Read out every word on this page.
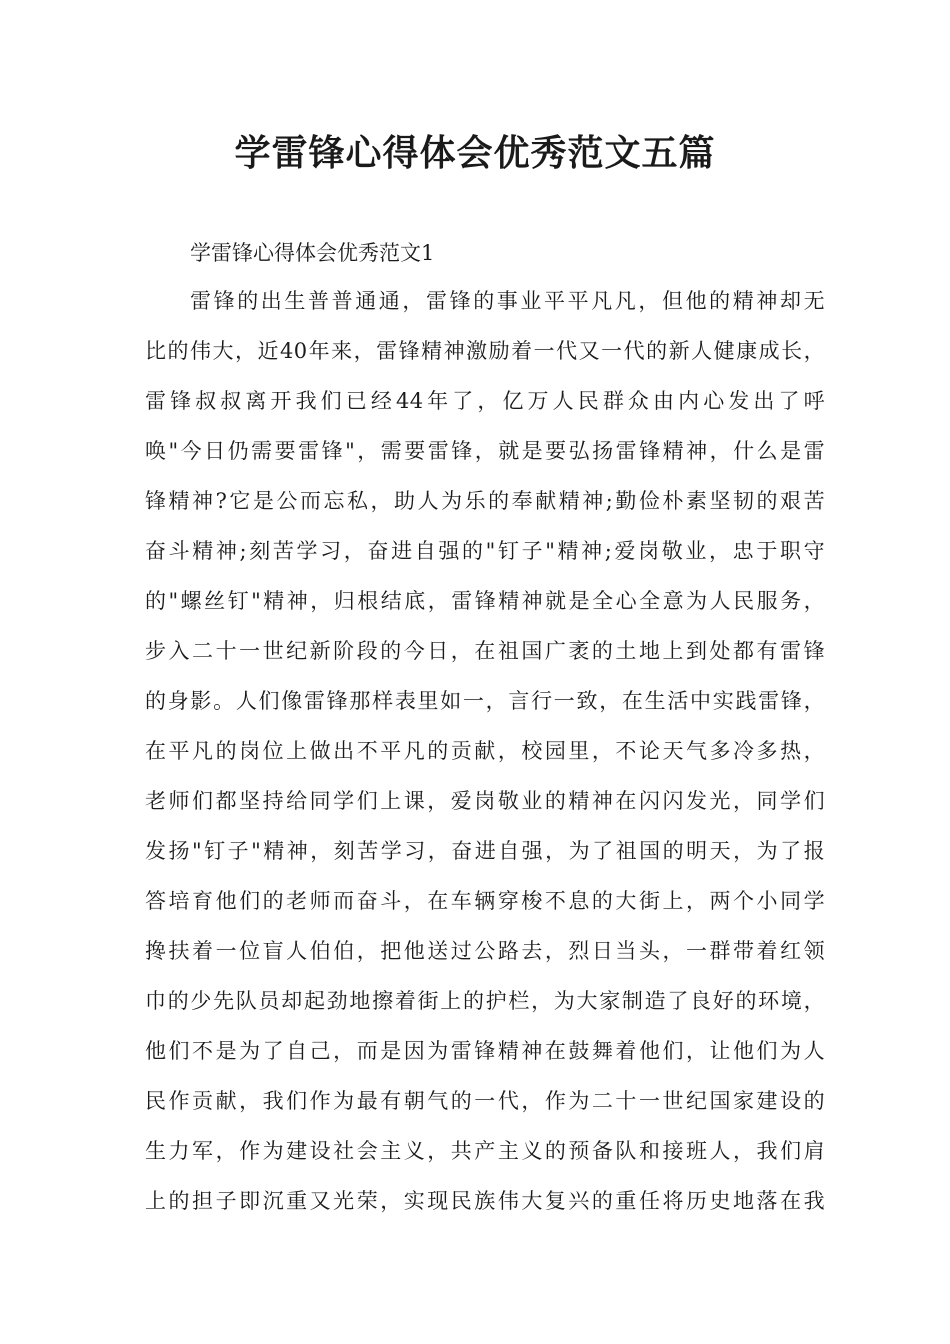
学雷锋心得体会优秀范文五篇

学雷锋心得体会优秀范文1

雷锋的出生普普通通，雷锋的事业平平凡凡，但他的精神却无
比的伟大，近40年来，雷锋精神激励着一代又一代的新人健康成长，
雷锋叔叔离开我们已经44年了，亿万人民群众由内心发出了呼
唤"今日仍需要雷锋"，需要雷锋，就是要弘扬雷锋精神，什么是雷
锋精神?它是公而忘私，助人为乐的奉献精神;勤俭朴素坚韧的艰苦
奋斗精神;刻苦学习，奋进自强的"钉子"精神;爱岗敬业，忠于职守
的"螺丝钉"精神，归根结底，雷锋精神就是全心全意为人民服务，
步入二十一世纪新阶段的今日，在祖国广袤的土地上到处都有雷锋
的身影。人们像雷锋那样表里如一，言行一致，在生活中实践雷锋，
在平凡的岗位上做出不平凡的贡献，校园里，不论天气多冷多热，
老师们都坚持给同学们上课，爱岗敬业的精神在闪闪发光，同学们
发扬"钉子"精神，刻苦学习，奋进自强，为了祖国的明天，为了报
答培育他们的老师而奋斗，在车辆穿梭不息的大街上，两个小同学
搀扶着一位盲人伯伯，把他送过公路去，烈日当头，一群带着红领
巾的少先队员却起劲地擦着街上的护栏，为大家制造了良好的环境，
他们不是为了自己，而是因为雷锋精神在鼓舞着他们，让他们为人
民作贡献，我们作为最有朝气的一代，作为二十一世纪国家建设的
生力军，作为建设社会主义，共产主义的预备队和接班人，我们肩
上的担子即沉重又光荣，实现民族伟大复兴的重任将历史地落在我
